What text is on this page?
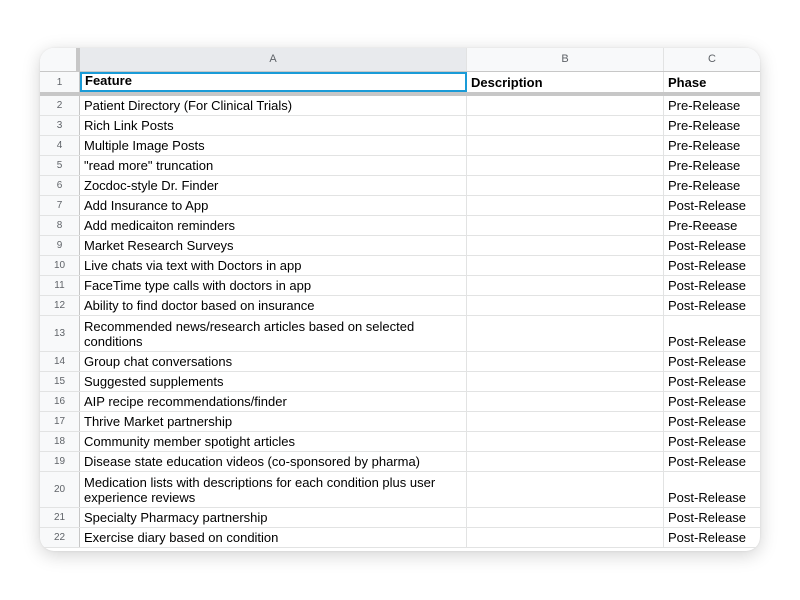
A	B	C
1	Feature	Description	Phase
2	Patient Directory (For Clinical Trials)	Pre-Release
3	Rich Link Posts	Pre-Release
4	Multiple Image Posts	Pre-Release
5	"read more" truncation	Pre-Release
6	Zocdoc-style Dr. Finder	Pre-Release
7	Add Insurance to App	Post-Release
8	Add medicaiton reminders	Pre-Reease
9	Market Research Surveys	Post-Release
10	Live chats via text with Doctors in app	Post-Release
11	FaceTime type calls with doctors in app	Post-Release
12	Ability to find doctor based on insurance	Post-Release
13	Recommended news/research articles based on selected conditions	Post-Release
14	Group chat conversations	Post-Release
15	Suggested supplements	Post-Release
16	AIP recipe recommendations/finder	Post-Release
17	Thrive Market partnership	Post-Release
18	Community member spotight articles	Post-Release
19	Disease state education videos (co-sponsored by pharma)	Post-Release
20	Medication lists with descriptions for each condition plus user experience reviews	Post-Release
21	Specialty Pharmacy partnership	Post-Release
22	Exercise diary based on condition	Post-Release
